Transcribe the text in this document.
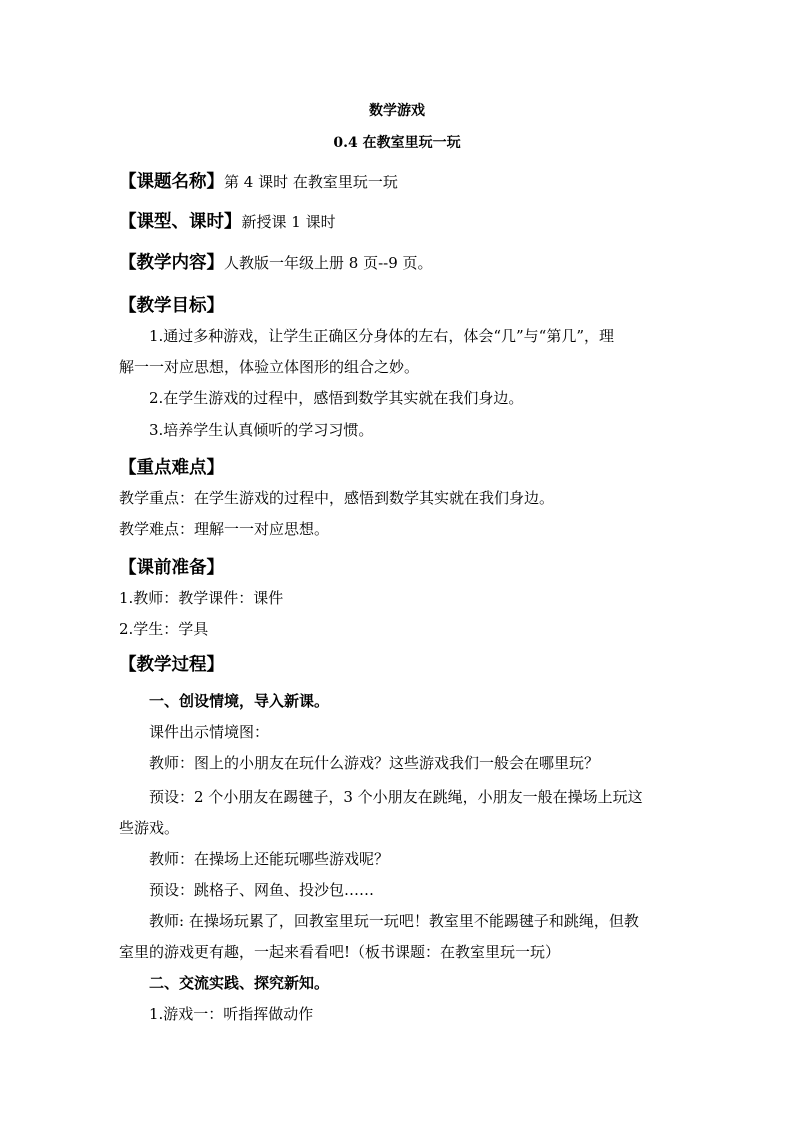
数学游戏
0.4 在教室里玩一玩
【课题名称】第 4 课时 在教室里玩一玩
【课型、课时】新授课 1 课时
【教学内容】人教版一年级上册 8 页--9 页。
【教学目标】
1.通过多种游戏，让学生正确区分身体的左右，体会“几”与“第几”，理
解一一对应思想，体验立体图形的组合之妙。
2.在学生游戏的过程中，感悟到数学其实就在我们身边。
3.培养学生认真倾听的学习习惯。
【重点难点】
教学重点：在学生游戏的过程中，感悟到数学其实就在我们身边。
教学难点：理解一一对应思想。
【课前准备】
1.教师：教学课件：课件
2.学生：学具
【教学过程】
一、创设情境，导入新课。
课件出示情境图：
教师：图上的小朋友在玩什么游戏？这些游戏我们一般会在哪里玩？
预设：2 个小朋友在踢毽子，3 个小朋友在跳绳，小朋友一般在操场上玩这
些游戏。
教师：在操场上还能玩哪些游戏呢？
预设：跳格子、网鱼、投沙包……
教师: 在操场玩累了，回教室里玩一玩吧！教室里不能踢毽子和跳绳，但教
室里的游戏更有趣，一起来看看吧!（板书课题：在教室里玩一玩）
二、交流实践、探究新知。
1.游戏一：听指挥做动作
